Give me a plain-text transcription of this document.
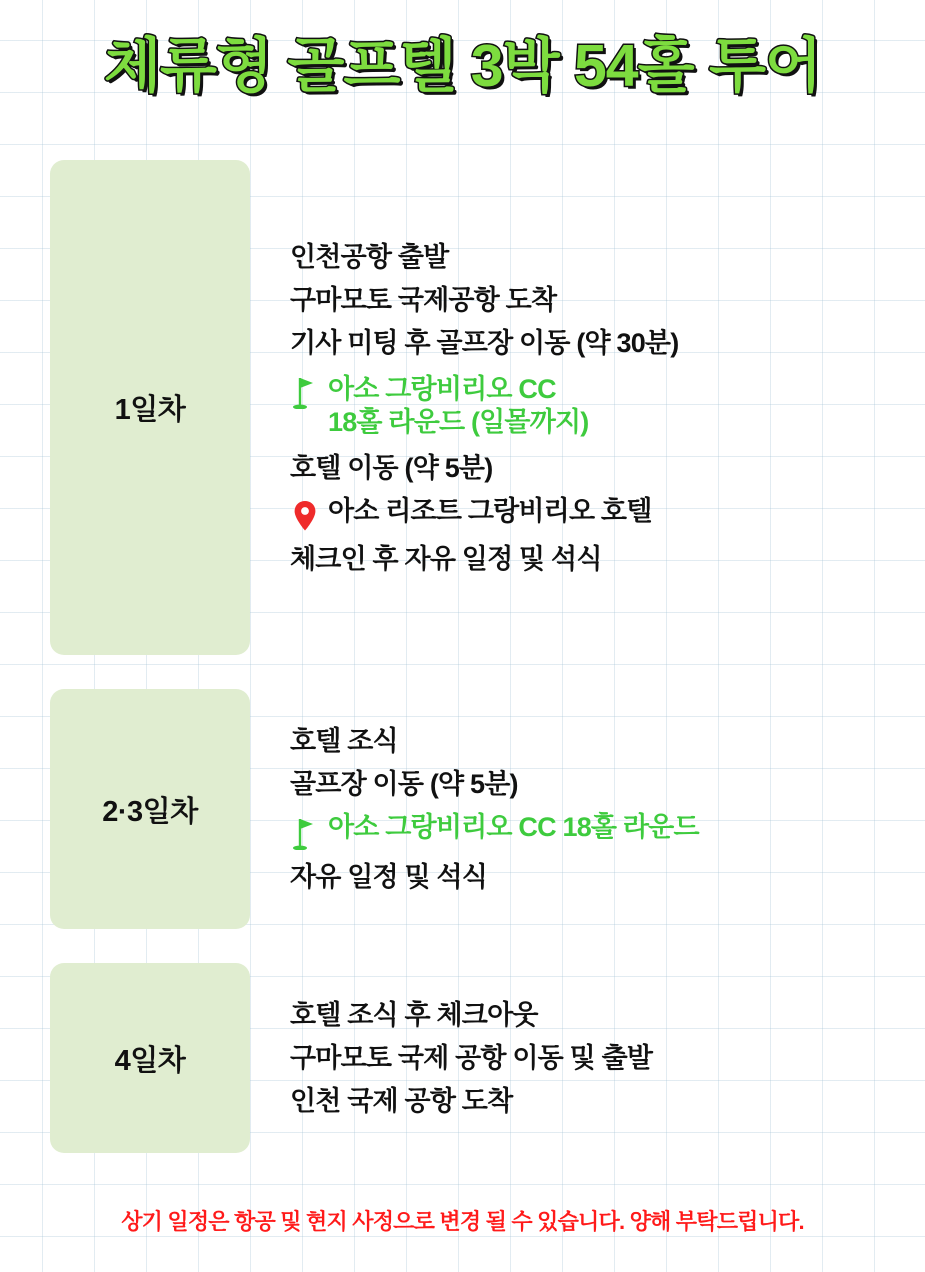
체류형 골프텔 3박 54홀 투어
1일차
인천공항 출발
구마모토 국제공항 도착
기사 미팅 후 골프장 이동 (약 30분)
아소 그랑비리오 CC
18홀 라운드 (일몰까지)
호텔 이동 (약 5분)
아소 리조트 그랑비리오 호텔
체크인 후 자유 일정 및 석식
2·3일차
호텔 조식
골프장 이동 (약 5분)
아소 그랑비리오 CC 18홀 라운드
자유 일정 및 석식
4일차
호텔 조식 후 체크아웃
구마모토 국제 공항 이동 및 출발
인천 국제 공항 도착
상기 일정은 항공 및 현지 사정으로 변경 될 수 있습니다. 양해 부탁드립니다.
